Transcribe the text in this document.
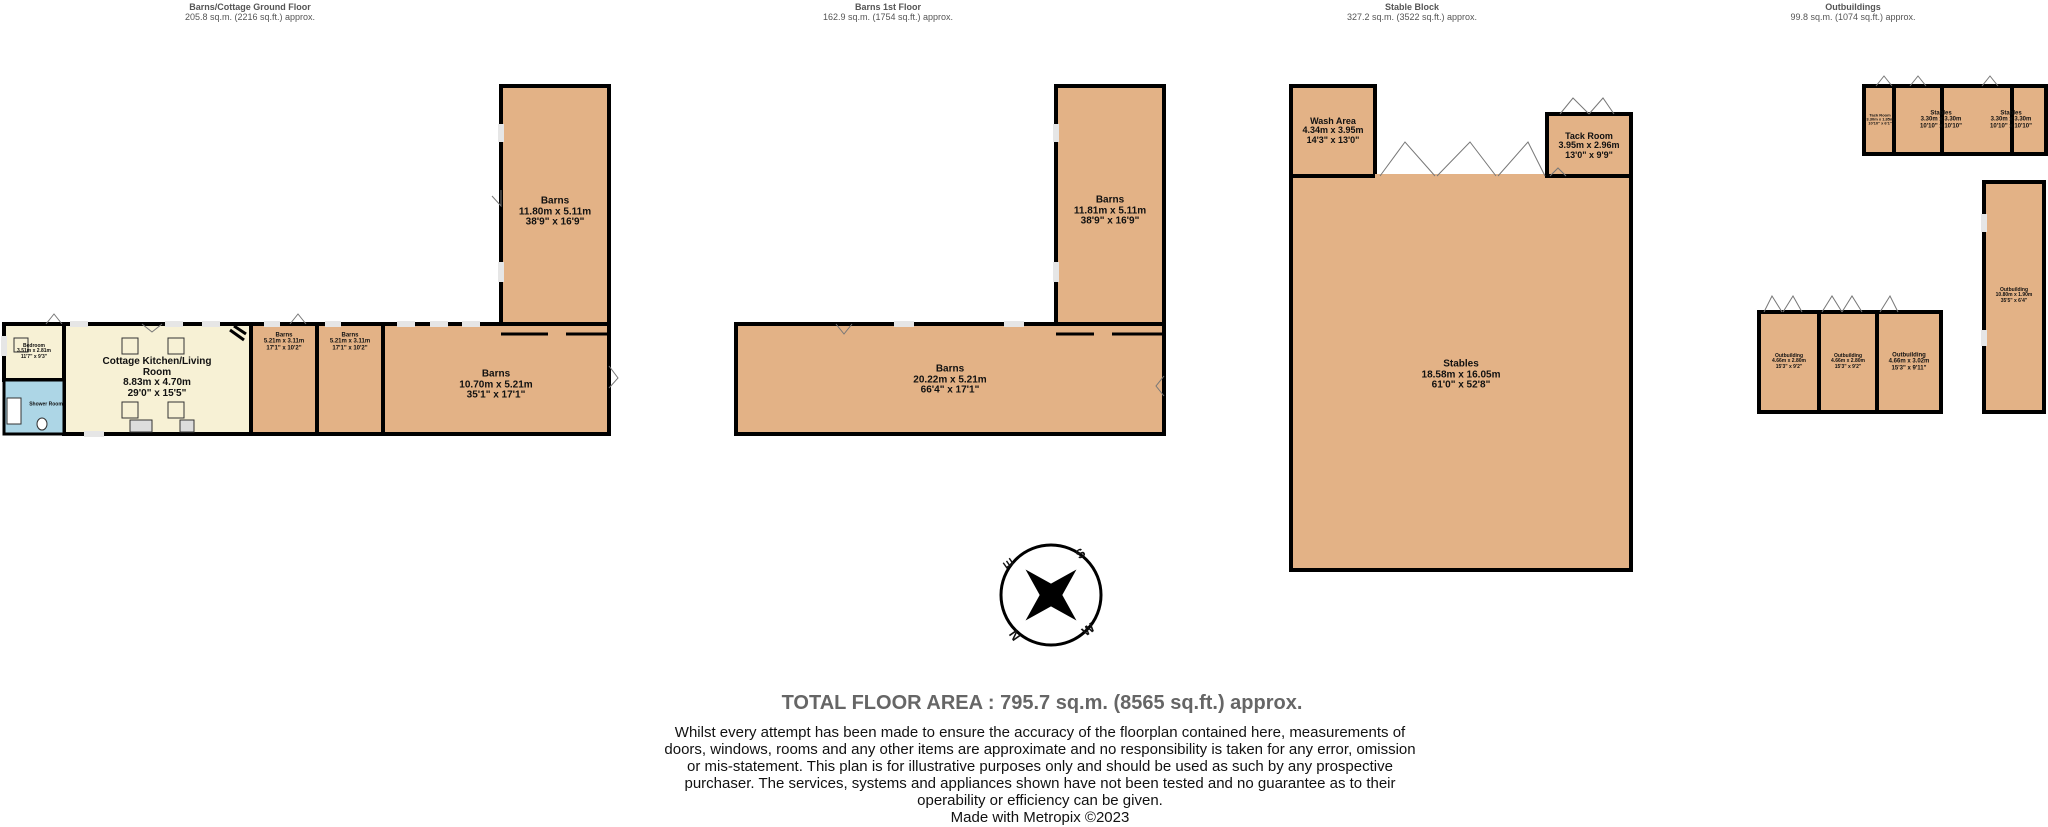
Barns/Cottage Ground Floor
205.8 sq.m. (2216 sq.ft.) approx.
Barns 1st Floor
162.9 sq.m. (1754 sq.ft.) approx.
Stable Block
327.2 sq.m. (3522 sq.ft.) approx.
Outbuildings
99.8 sq.m. (1074 sq.ft.) approx.
S
E
N	W
Barns
11.80m x 5.11m
38'9" x 16'9"
Bedroom
3.51m x 2.81m
11'7" x 9'3"	Cottage Kitchen/Living Room
8.83m x 4.70m
29'0" x 15'5"
Shower Room
Barns
5.21m x 3.11m
17'1" x 10'2"
Barns
5.21m x 3.11m
17'1" x 10'2"
Barns
10.70m x 5.21m
35'1" x 17'1"
Barns
11.81m x 5.11m
38'9" x 16'9"
Barns
20.22m x 5.21m
66'4" x 17'1"
Wash Area
4.34m x 3.95m
14'3" x 13'0"	Tack Room
3.95m x 2.96m
13'0" x 9'9"
Stables
18.58m x 16.05m
61'0" x 52'8"
Tack Room
3.30m x 1.85m
10'10" x 6'1"
Stables
3.30m x 3.30m
10'10" x 10'10"
Stables
3.30m x 3.30m
10'10" x 10'10"
Outbuilding
10.80m x 1.90m
35'5" x 6'4"
Outbuilding
4.66m x 2.80m
15'3" x 9'2"
Outbuilding
4.66m x 2.80m
15'3" x 9'2"
Outbuilding
4.66m x 3.02m
15'3" x 9'11"
TOTAL FLOOR AREA : 795.7 sq.m. (8565 sq.ft.) approx.
Whilst every attempt has been made to ensure the accuracy of the floorplan contained here, measurements of doors, windows, rooms and any other items are approximate and no responsibility is taken for any error, omission or mis-statement. This plan is for illustrative purposes only and should be used as such by any prospective purchaser. The services, systems and appliances shown have not been tested and no guarantee as to their operability or efficiency can be given.
Made with Metropix ©2023
